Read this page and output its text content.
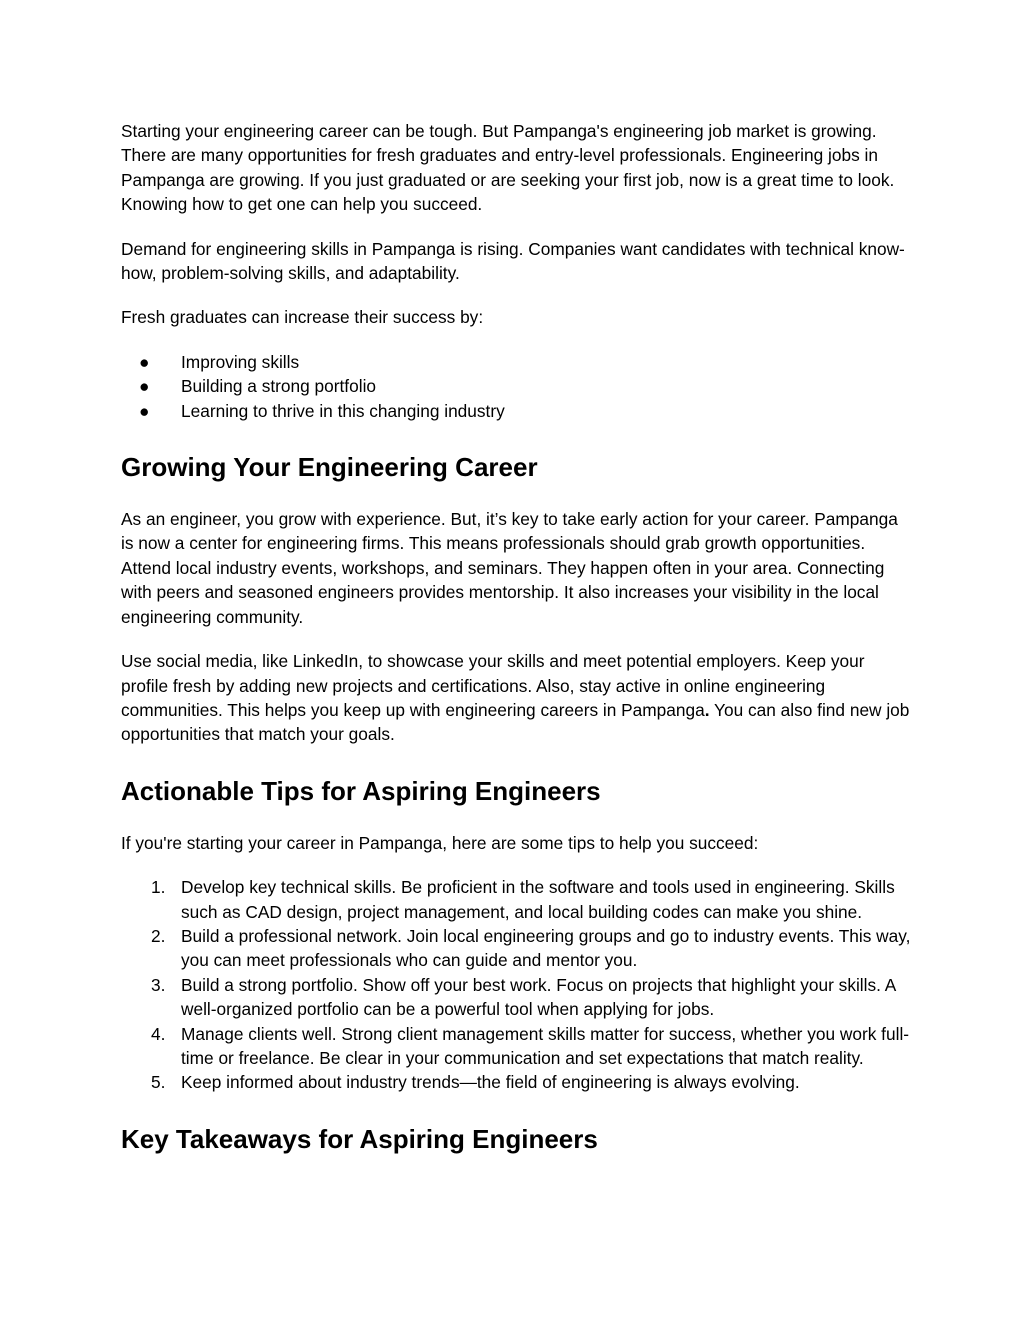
Starting your engineering career can be tough. But Pampanga's engineering job market is growing. There are many opportunities for fresh graduates and entry-level professionals. Engineering jobs in Pampanga are growing. If you just graduated or are seeking your first job, now is a great time to look. Knowing how to get one can help you succeed.

Demand for engineering skills in Pampanga is rising. Companies want candidates with technical know-how, problem-solving skills, and adaptability.

Fresh graduates can increase their success by:

●	Improving skills
●	Building a strong portfolio
●	Learning to thrive in this changing industry
Growing Your Engineering Career

As an engineer, you grow with experience. But, it’s key to take early action for your career. Pampanga is now a center for engineering firms. This means professionals should grab growth opportunities. Attend local industry events, workshops, and seminars. They happen often in your area. Connecting with peers and seasoned engineers provides mentorship. It also increases your visibility in the local engineering community.

Use social media, like LinkedIn, to showcase your skills and meet potential employers. Keep your profile fresh by adding new projects and certifications. Also, stay active in online engineering communities. This helps you keep up with engineering careers in Pampanga. You can also find new job opportunities that match your goals.

Actionable Tips for Aspiring Engineers

If you're starting your career in Pampanga, here are some tips to help you succeed:

1. Develop key technical skills. Be proficient in the software and tools used in engineering. Skills such as CAD design, project management, and local building codes can make you shine.
2. Build a professional network. Join local engineering groups and go to industry events. This way, you can meet professionals who can guide and mentor you.
3. Build a strong portfolio. Show off your best work. Focus on projects that highlight your skills. A well-organized portfolio can be a powerful tool when applying for jobs.
4. Manage clients well. Strong client management skills matter for success, whether you work full-time or freelance. Be clear in your communication and set expectations that match reality.
5. Keep informed about industry trends—the field of engineering is always evolving.
Key Takeaways for Aspiring Engineers
